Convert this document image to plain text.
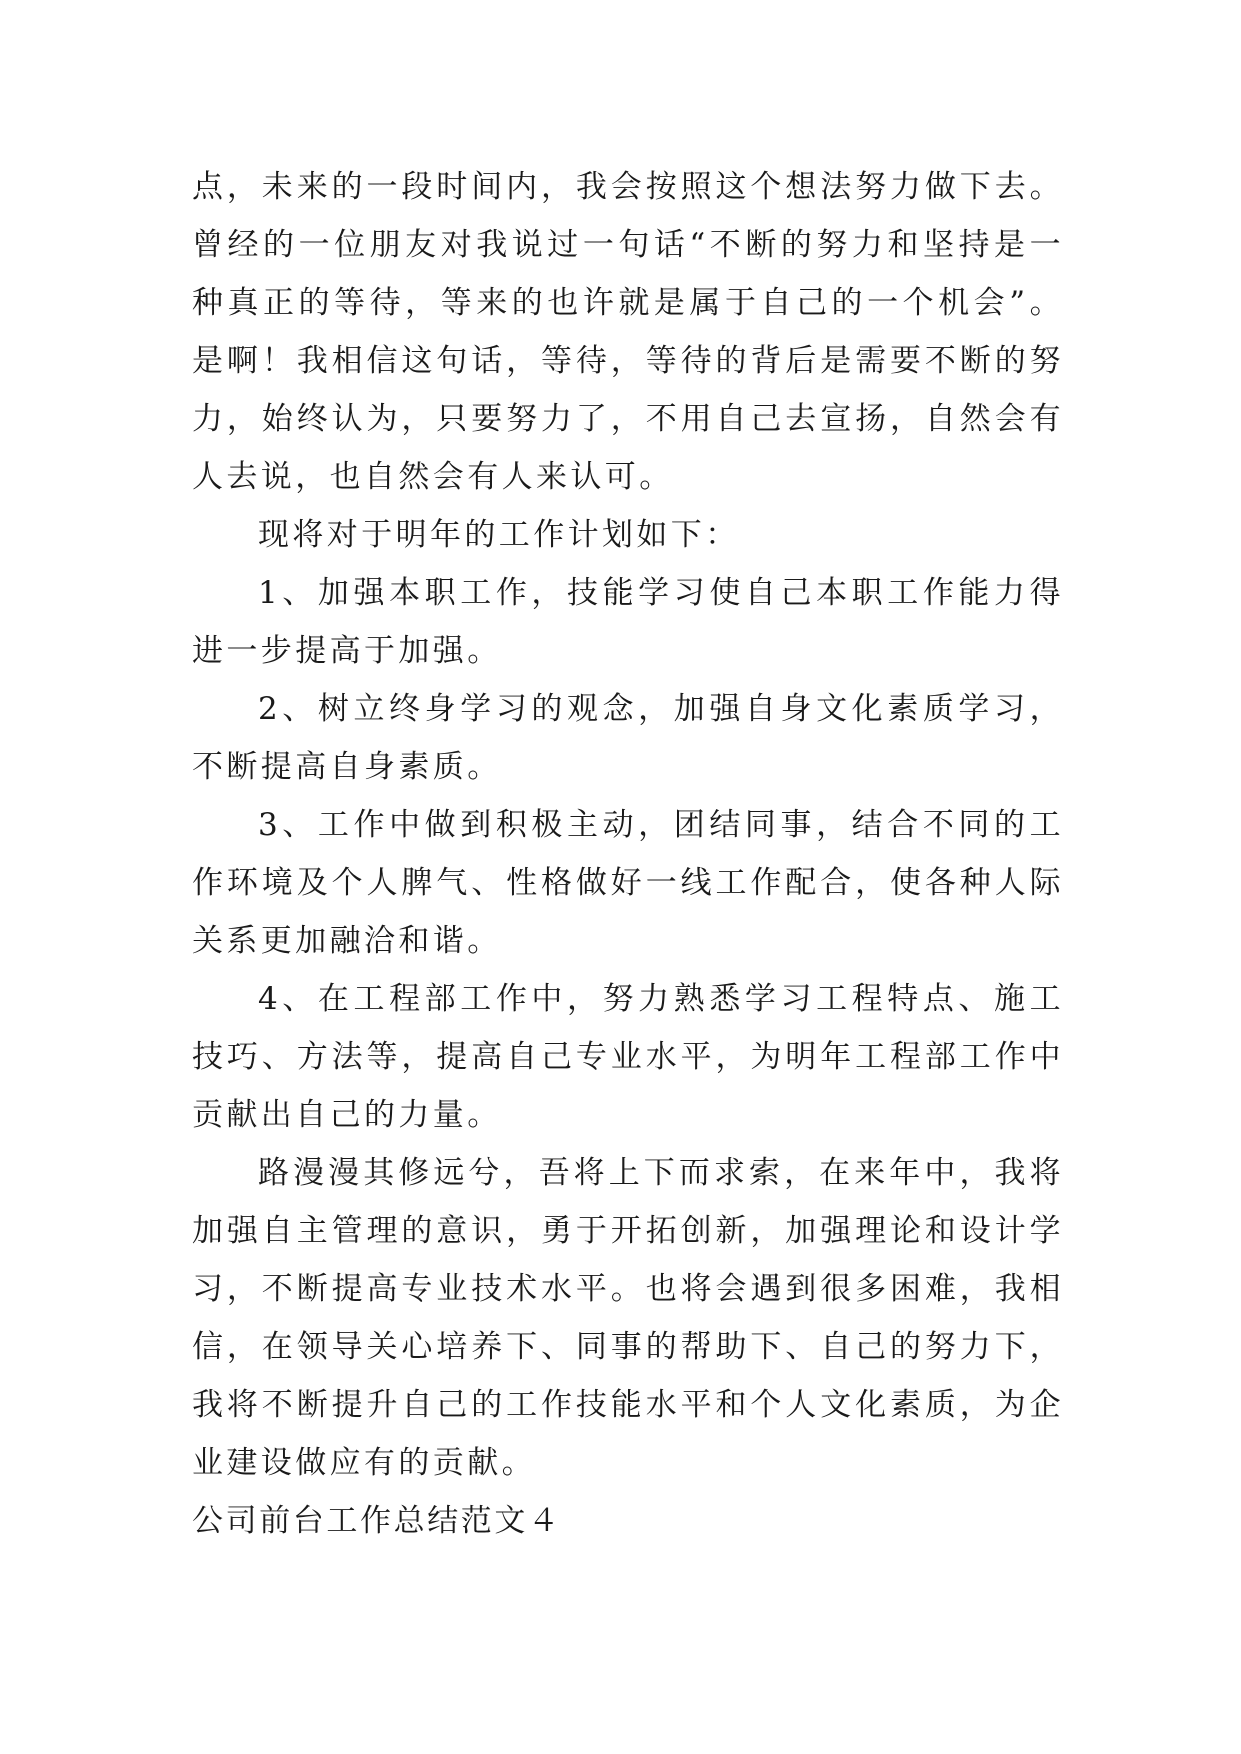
点，未来的一段时间内，我会按照这个想法努力做下去。曾经的一位朋友对我说过一句话“不断的努力和坚持是一种真正的等待，等来的也许就是属于自己的一个机会”。是啊！我相信这句话，等待，等待的背后是需要不断的努力，始终认为，只要努力了，不用自己去宣扬，自然会有人去说，也自然会有人来认可。

现将对于明年的工作计划如下：

1、加强本职工作，技能学习使自己本职工作能力得进一步提高于加强。

2、树立终身学习的观念，加强自身文化素质学习，不断提高自身素质。

3、工作中做到积极主动，团结同事，结合不同的工作环境及个人脾气、性格做好一线工作配合，使各种人际关系更加融洽和谐。

4、在工程部工作中，努力熟悉学习工程特点、施工技巧、方法等，提高自己专业水平，为明年工程部工作中贡献出自己的力量。

路漫漫其修远兮，吾将上下而求索，在来年中，我将加强自主管理的意识，勇于开拓创新，加强理论和设计学习，不断提高专业技术水平。也将会遇到很多困难，我相信，在领导关心培养下、同事的帮助下、自己的努力下，我将不断提升自己的工作技能水平和个人文化素质，为企业建设做应有的贡献。

公司前台工作总结范文４
